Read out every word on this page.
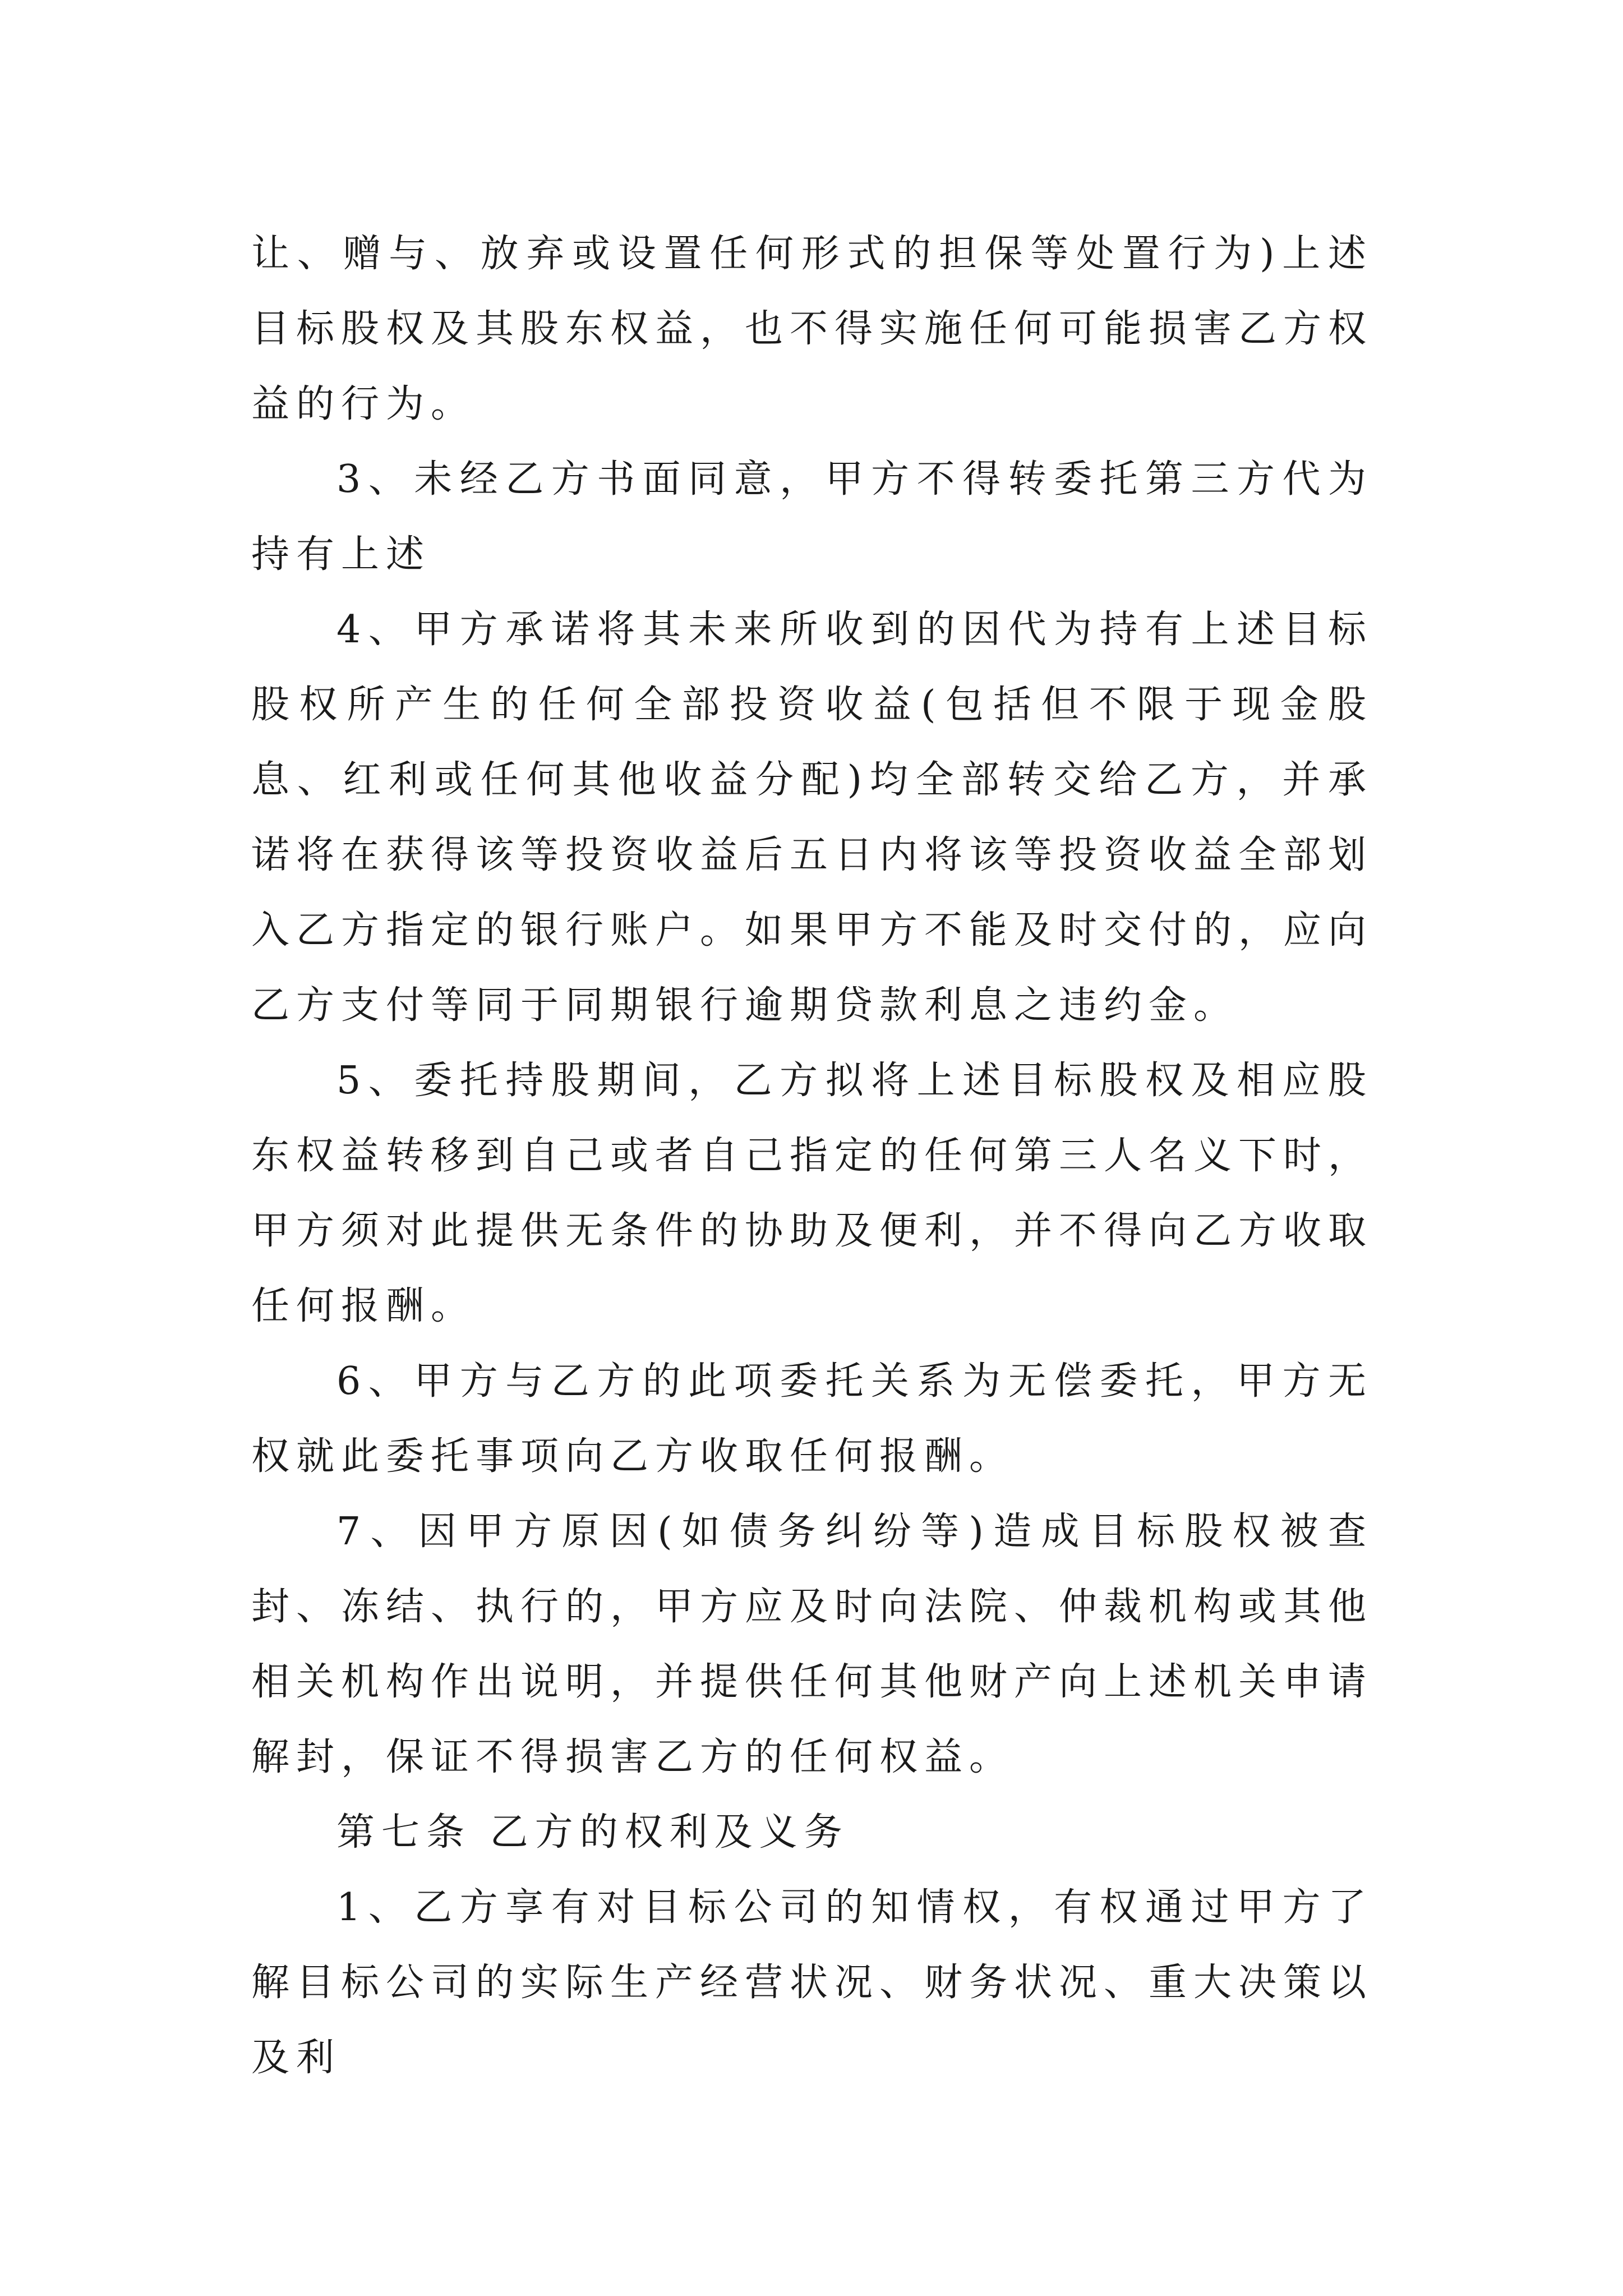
让、赠与、放弃或设置任何形式的担保等处置行为)上述目标股权及其股东权益，也不得实施任何可能损害乙方权益的行为。

3、未经乙方书面同意，甲方不得转委托第三方代为持有上述

4、甲方承诺将其未来所收到的因代为持有上述目标股权所产生的任何全部投资收益(包括但不限于现金股息、红利或任何其他收益分配)均全部转交给乙方，并承诺将在获得该等投资收益后五日内将该等投资收益全部划入乙方指定的银行账户。如果甲方不能及时交付的，应向乙方支付等同于同期银行逾期贷款利息之违约金。

5、委托持股期间，乙方拟将上述目标股权及相应股东权益转移到自己或者自己指定的任何第三人名义下时，甲方须对此提供无条件的协助及便利，并不得向乙方收取任何报酬。

6、甲方与乙方的此项委托关系为无偿委托，甲方无权就此委托事项向乙方收取任何报酬。

7、因甲方原因(如债务纠纷等)造成目标股权被查封、冻结、执行的，甲方应及时向法院、仲裁机构或其他相关机构作出说明，并提供任何其他财产向上述机关申请解封，保证不得损害乙方的任何权益。

第七条 乙方的权利及义务

1、乙方享有对目标公司的知情权，有权通过甲方了解目标公司的实际生产经营状况、财务状况、重大决策以及利
